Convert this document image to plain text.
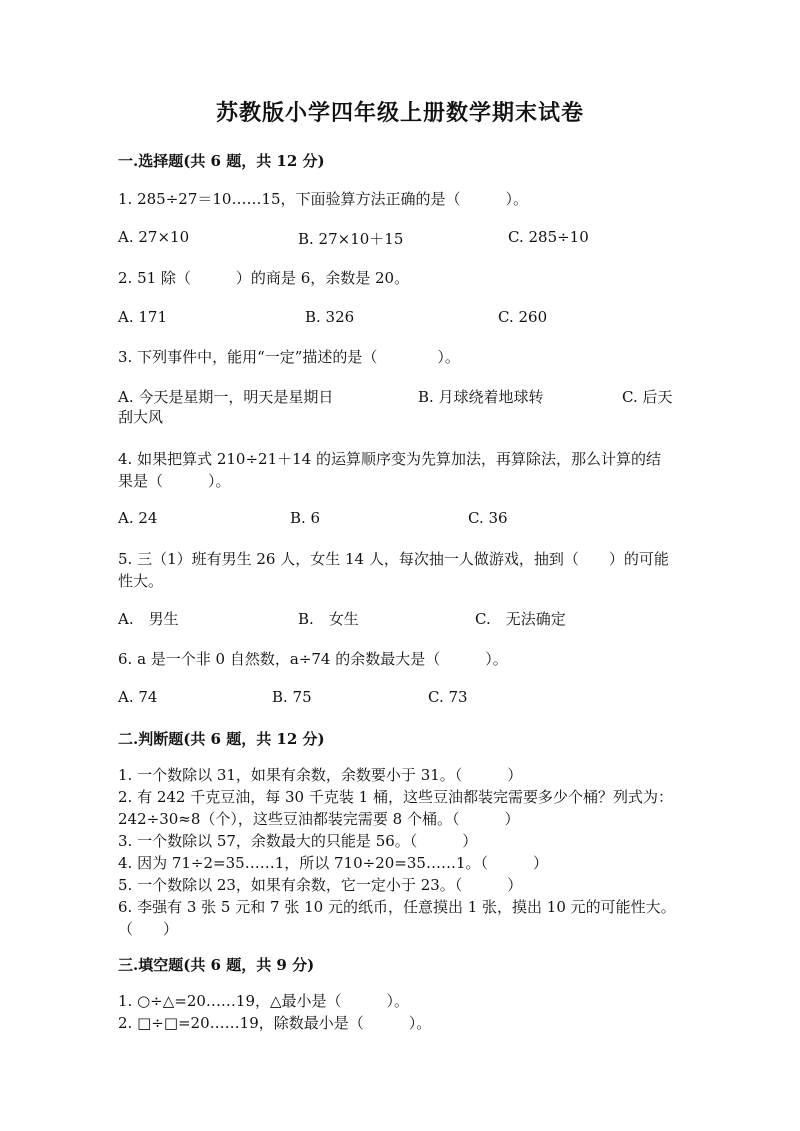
苏教版小学四年级上册数学期末试卷
一.选择题(共 6 题，共 12 分)
1. 285÷27＝10……15，下面验算方法正确的是（　　　）。
A. 27×10	B. 27×10＋15	C. 285÷10
2. 51 除（　　　）的商是 6，余数是 20。
A. 171	B. 326	C. 260
3. 下列事件中，能用“一定”描述的是（　　　　）。
A. 今天是星期一，明天是星期日	B. 月球绕着地球转	C. 后天
刮大风
4. 如果把算式 210÷21＋14 的运算顺序变为先算加法，再算除法，那么计算的结果是（　　　）。
A. 24	B. 6	C. 36
5. 三（1）班有男生 26 人，女生 14 人，每次抽一人做游戏，抽到（　　）的可能性大。
A.　男生	B.　女生	C.　无法确定
6. a 是一个非 0 自然数，a÷74 的余数最大是（　　　）。
A. 74	B. 75	C. 73
二.判断题(共 6 题，共 12 分)
1. 一个数除以 31，如果有余数，余数要小于 31。（　　　）
2. 有 242 千克豆油，每 30 千克装 1 桶，这些豆油都装完需要多少个桶？列式为：242÷30≈8（个），这些豆油都装完需要 8 个桶。（　　　）
3. 一个数除以 57，余数最大的只能是 56。（　　　）
4. 因为 71÷2=35……1，所以 710÷20=35……1。（　　　）
5. 一个数除以 23，如果有余数，它一定小于 23。（　　　）
6. 李强有 3 张 5 元和 7 张 10 元的纸币，任意摸出 1 张，摸出 10 元的可能性大。　　（　　）
三.填空题(共 6 题，共 9 分)
1. ○÷△=20……19，△最小是（　　　）。
2. □÷□=20……19，除数最小是（　　　）。
